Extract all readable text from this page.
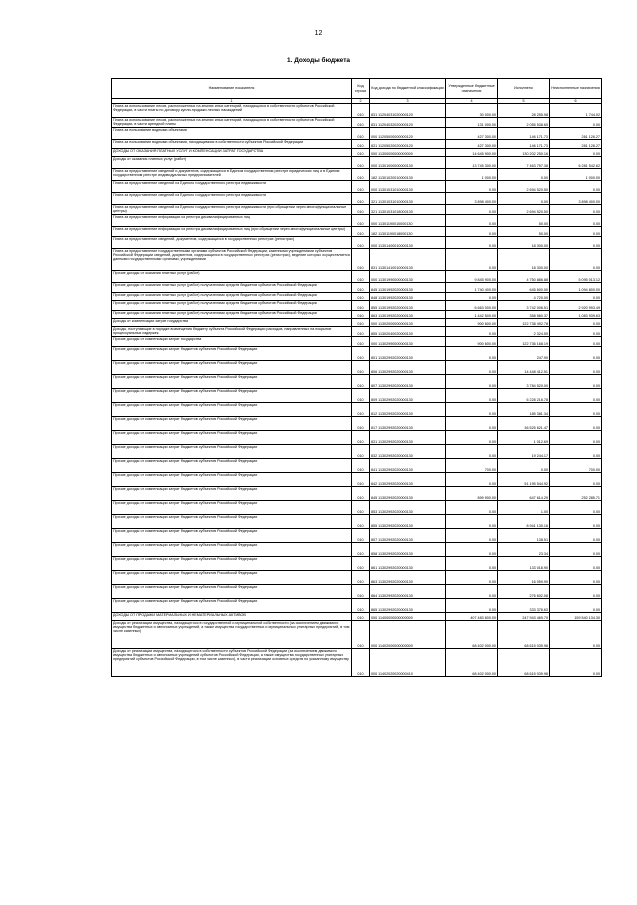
12
1. Доходы бюджета
Наименование показателя	Код строки	Код дохода по бюджетной классификации	Утвержденные бюджетные назначения	Исполнено	Неисполненные назначения
1	2	3	4	5	6
Плата за использование лесов, расположенных на землях иных категорий, находящихся в собственности субъектов Российской Федерации, в части платы по договору купли-продажи лесных насаждений	010	831 11204031020000120	30 000.00	28 255.98	1 744.02
Плата за использование лесов, расположенных на землях иных категорий, находящихся в собственности субъектов Российской Федерации, в части арендной платы	010	831 11204032020000120	131 000.00	2 055 538.65	0.00
Плата за пользование водными объектами	010	000 11205000000000120	427 300.00	146 171.73	281 128.27
Плата за пользование водными объектами, находящимися в собственности субъектов Российской Федерации	010	831 11205020020000120	427 300.00	146 171.73	281 128.27
ДОХОДЫ ОТ ОКАЗАНИЯ ПЛАТНЫХ УСЛУГ И КОМПЕНСАЦИИ ЗАТРАТ ГОСУДАРСТВА	010	000 11300000000000000	14 645 900.00	130 202 250.16	0.00
Доходы от оказания платных услуг (работ)	010	000 11301000000000130	13 745 300.00	7 463 757.38	6 281 542.62
Плата за предоставление сведений и документов, содержащихся в Едином государственном реестре юридических лиц и в Едином государственном реестре индивидуальных предпринимателей	010	182 11301020010000130	1 000.00	0.00	1 000.00
Плата за предоставление сведений из Единого государственного реестра недвижимости	010	000 11301031010000130	0.00	2 694 520.50	0.00
Плата за предоставление сведений из Единого государственного реестра недвижимости	010	321 11301031010000130	3 898 400.00	0.00	3 898 400.00
Плата за предоставление сведений из Единого государственного реестра недвижимости (при обращении через многофункциональные центры)	010	321 11301031018000130	0.00	2 694 520.50	0.00
Плата за предоставление информации из реестра дисквалифицированных лиц	010	000 11301190010000130	0.00	50.00	0.00
Плата за предоставление информации из реестра дисквалифицированных лиц (при обращении через многофункциональные центры)	010	182 11301190018000130	0.00	50.00	0.00
Плата за предоставление сведений, документов, содержащихся в государственных реестрах (регистрах)	010	000 11301400010000130	0.00	18 300.00	0.00
Плата за предоставление государственными органами субъектов Российской Федерации, казенными учреждениями субъектов Российской Федерации сведений, документов, содержащихся в государственных реестрах (регистрах), ведение которых осуществляется данными государственными органами, учреждениями	010	831 11301410010000130	0.00	18 300.00	0.00
Прочие доходы от оказания платных услуг (работ)	010	000 11301990000000130	9 845 900.00	4 750 886.88	5 095 013.12
Прочие доходы от оказания платных услуг (работ) получателями средств бюджетов субъектов Российской Федерации	010	845 11301992020000130	1 740 400.00	645 600.00	1 094 800.00
Прочие доходы от оказания платных услуг (работ) получателями средств бюджетов субъектов Российской Федерации	010	848 11301992020000130	0.00	4 720.00	0.00
Прочие доходы от оказания платных услуг (работ) получателями средств бюджетов субъектов Российской Федерации	010	855 11301992020000130	6 663 000.00	3 742 006.51	2 920 993.49
Прочие доходы от оказания платных услуг (работ) получателями средств бюджетов субъектов Российской Федерации	010	863 11301992020000130	1 442 500.00	358 560.37	1 083 939.63
Доходы от компенсации затрат государства	010	000 11302000000000130	900 600.00	122 738 492.78	0.00
Доходы, поступающие в порядке возмещения бюджету субъекта Российской Федерации расходов, направленных на покрытие процессуальных издержек	010	855 11302040020000130	0.00	2 324.59	0.00
Прочие доходы от компенсации затрат государства	010	000 11302990000000130	900 600.00	122 736 168.19	0.00
Прочие доходы от компенсации затрат бюджетов субъектов Российской Федерации	010	801 11302992020000130	0.00	247.90	0.00
Прочие доходы от компенсации затрат бюджетов субъектов Российской Федерации	010	806 11302992020000130	0.00	14 448 412.51	0.00
Прочие доходы от компенсации затрат бюджетов субъектов Российской Федерации	010	807 11302992020000130	0.00	3 784 520.00	0.00
Прочие доходы от компенсации затрат бюджетов субъектов Российской Федерации	010	809 11302992020000130	0.00	6 228 216.78	0.00
Прочие доходы от компенсации затрат бюджетов субъектов Российской Федерации	010	812 11302992020000130	0.00	185 381.34	0.00
Прочие доходы от компенсации затрат бюджетов субъектов Российской Федерации	010	817 11302992020000130	0.00	36 525 621.47	0.00
Прочие доходы от компенсации затрат бюджетов субъектов Российской Федерации	010	831 11302992020000130	0.00	1 012.69	0.00
Прочие доходы от компенсации затрат бюджетов субъектов Российской Федерации	010	832 11302992020000130	0.00	19 244.17	0.00
Прочие доходы от компенсации затрат бюджетов субъектов Российской Федерации	010	841 11302992020000130	700.00	0.00	700.00
Прочие доходы от компенсации затрат бюджетов субъектов Российской Федерации	010	842 11302992020000130	0.00	51 195 544.92	0.00
Прочие доходы от компенсации затрат бюджетов субъектов Российской Федерации	010	845 11302992020000130	899 900.00	647 614.29	252 285.71
Прочие доходы от компенсации затрат бюджетов субъектов Российской Федерации	010	853 11302992020000130	0.00	1.00	0.00
Прочие доходы от компенсации затрат бюджетов субъектов Российской Федерации	010	855 11302992020000130	0.00	8 941 130.16	0.00
Прочие доходы от компенсации затрат бюджетов субъектов Российской Федерации	010	857 11302992020000130	0.00	138.51	0.00
Прочие доходы от компенсации затрат бюджетов субъектов Российской Федерации	010	858 11302992020000130	0.00	23.34	0.00
Прочие доходы от компенсации затрат бюджетов субъектов Российской Федерации	010	861 11302992020000130	0.00	133 018.90	0.00
Прочие доходы от компенсации затрат бюджетов субъектов Российской Федерации	010	863 11302992020000130	0.00	16 059.90	0.00
Прочие доходы от компенсации затрат бюджетов субъектов Российской Федерации	010	864 11302992020000130	0.00	276 602.08	0.00
Прочие доходы от компенсации затрат бюджетов субъектов Российской Федерации	010	865 11302992020000130	0.00	333 378.63	0.00
ДОХОДЫ ОТ ПРОДАЖИ МАТЕРИАЛЬНЫХ И НЕМАТЕРИАЛЬНЫХ АКТИВОВ	010	000 11400000000000000	407 483 600.00	247 943 465.70	159 540 134.30
Доходы от реализации имущества, находящегося в государственной и муниципальной собственности (за исключением движимого имущества бюджетных и автономных учреждений, а также имущества государственных и муниципальных унитарных предприятий, в том числе казенных)	010	000 11402000000000000	68 402 000.00	68 615 039.98	0.00
Доходы от реализации имущества, находящегося в собственности субъектов Российской Федерации (за исключением движимого имущества бюджетных и автономных учреждений субъектов Российской Федерации, а также имущества государственных унитарных предприятий субъектов Российской Федерации, в том числе казенных), в части реализации основных средств по указанному имуществу	010	000 11402020020000410	68 402 000.00	68 615 039.98	0.00
